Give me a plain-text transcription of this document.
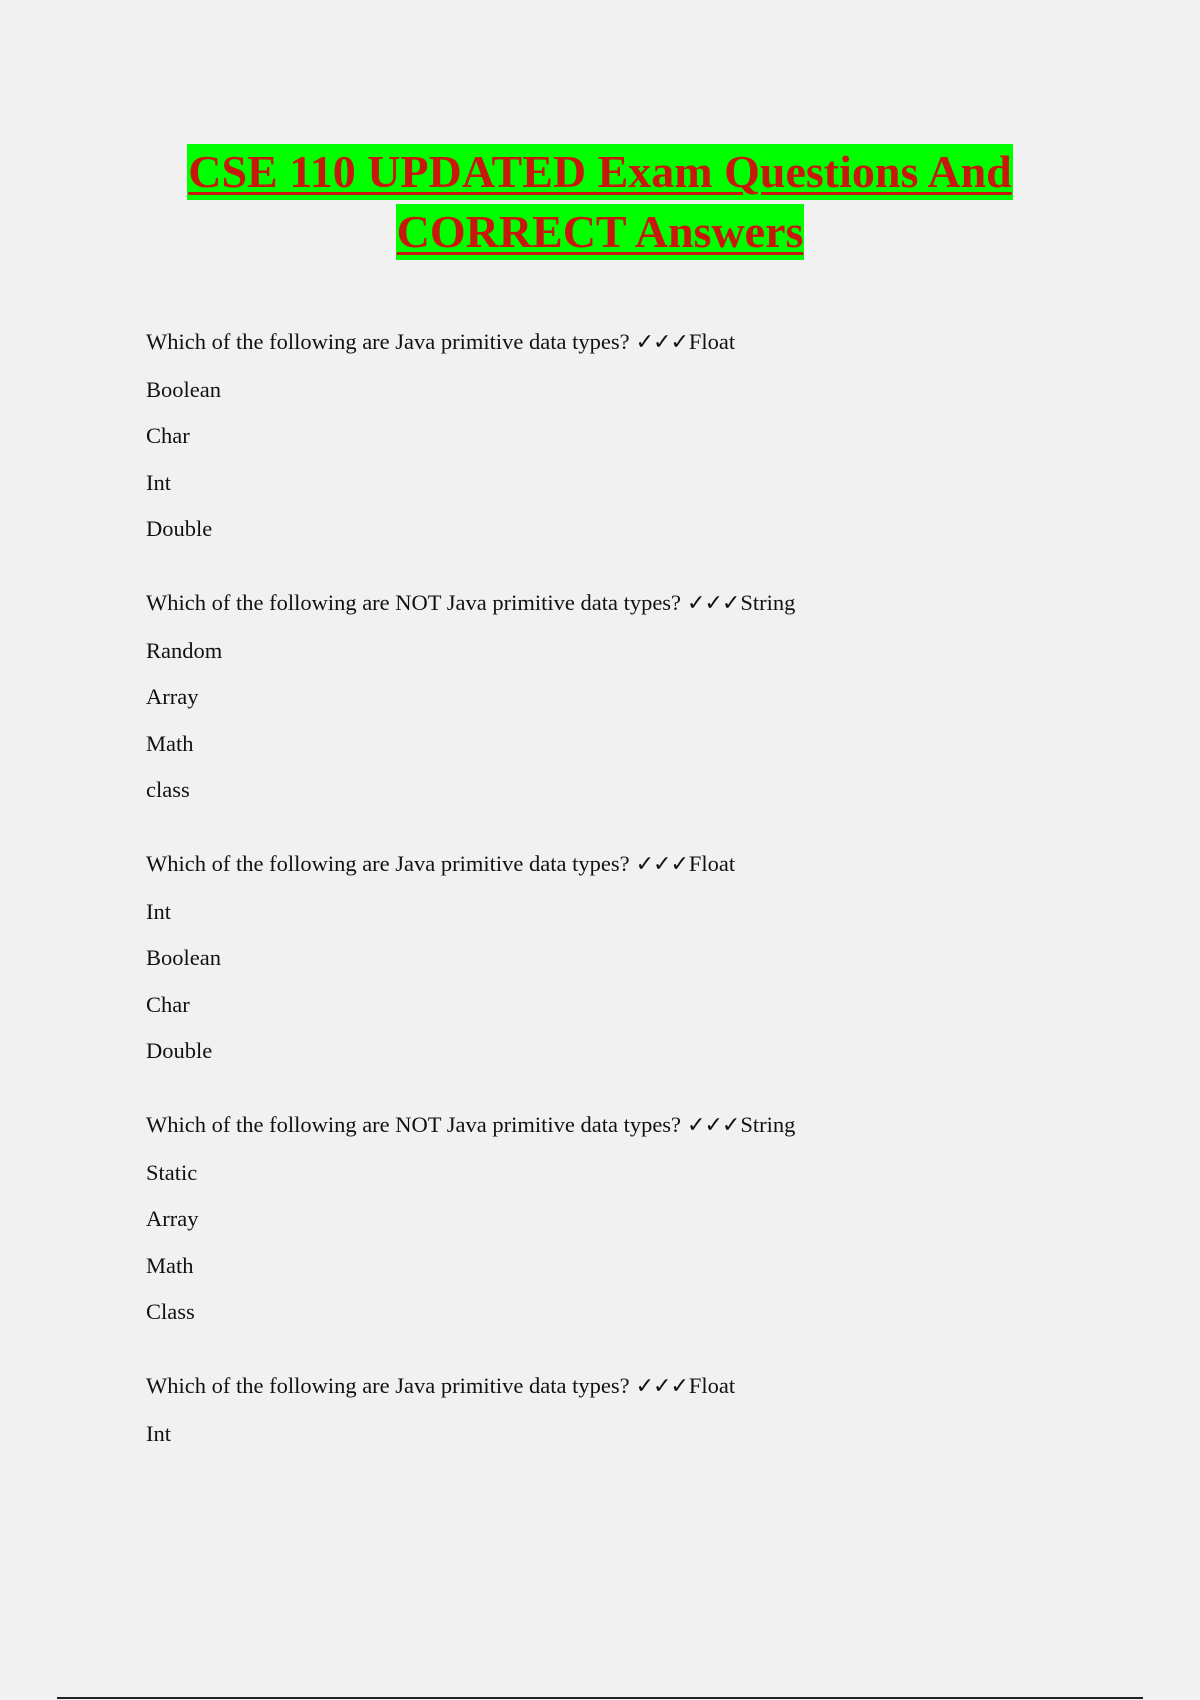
CSE 110 UPDATED Exam Questions And
CORRECT Answers

Which of the following are Java primitive data types? ✓✓✓Float

Boolean

Char

Int

Double

Which of the following are NOT Java primitive data types? ✓✓✓String

Random

Array

Math

class

Which of the following are Java primitive data types? ✓✓✓Float

Int

Boolean

Char

Double

Which of the following are NOT Java primitive data types? ✓✓✓String

Static

Array

Math

Class

Which of the following are Java primitive data types? ✓✓✓Float

Int
